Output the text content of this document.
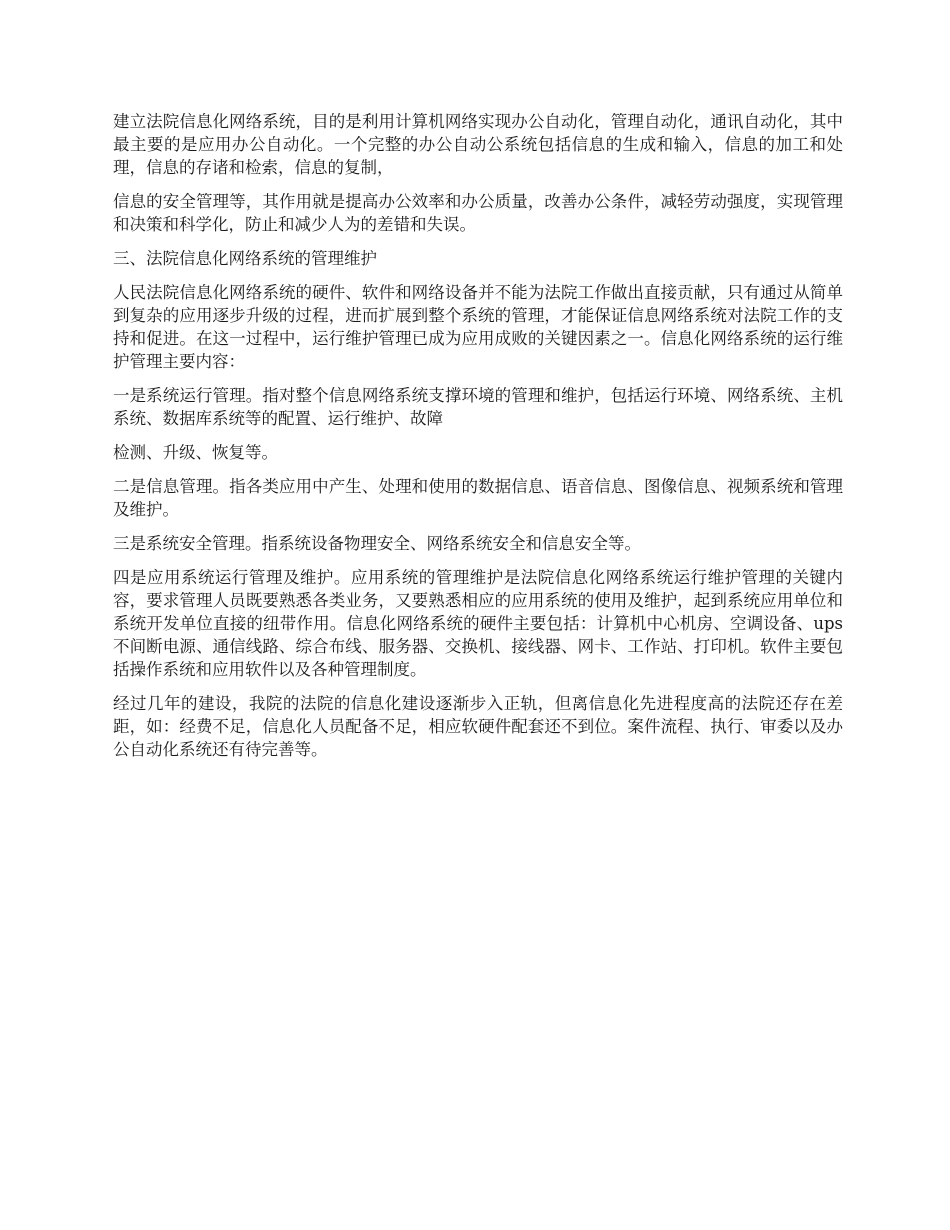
建立法院信息化网络系统，目的是利用计算机网络实现办公自动化，管理自动化，通讯自动化，其中最主要的是应用办公自动化。一个完整的办公自动公系统包括信息的生成和输入，信息的加工和处理，信息的存诸和检索，信息的复制，

信息的安全管理等，其作用就是提高办公效率和办公质量，改善办公条件，减轻劳动强度，实现管理和决策和科学化，防止和减少人为的差错和失误。

三、法院信息化网络系统的管理维护

人民法院信息化网络系统的硬件、软件和网络设备并不能为法院工作做出直接贡献，只有通过从简单到复杂的应用逐步升级的过程，进而扩展到整个系统的管理，才能保证信息网络系统对法院工作的支持和促进。在这一过程中，运行维护管理已成为应用成败的关键因素之一。信息化网络系统的运行维护管理主要内容：

一是系统运行管理。指对整个信息网络系统支撑环境的管理和维护，包括运行环境、网络系统、主机系统、数据库系统等的配置、运行维护、故障

检测、升级、恢复等。

二是信息管理。指各类应用中产生、处理和使用的数据信息、语音信息、图像信息、视频系统和管理及维护。

三是系统安全管理。指系统设备物理安全、网络系统安全和信息安全等。

四是应用系统运行管理及维护。应用系统的管理维护是法院信息化网络系统运行维护管理的关键内容，要求管理人员既要熟悉各类业务，又要熟悉相应的应用系统的使用及维护，起到系统应用单位和系统开发单位直接的纽带作用。信息化网络系统的硬件主要包括：计算机中心机房、空调设备、ups不间断电源、通信线路、综合布线、服务器、交换机、接线器、网卡、工作站、打印机。软件主要包括操作系统和应用软件以及各种管理制度。

经过几年的建设，我院的法院的信息化建设逐渐步入正轨，但离信息化先进程度高的法院还存在差距，如：经费不足，信息化人员配备不足，相应软硬件配套还不到位。案件流程、执行、审委以及办公自动化系统还有待完善等。
